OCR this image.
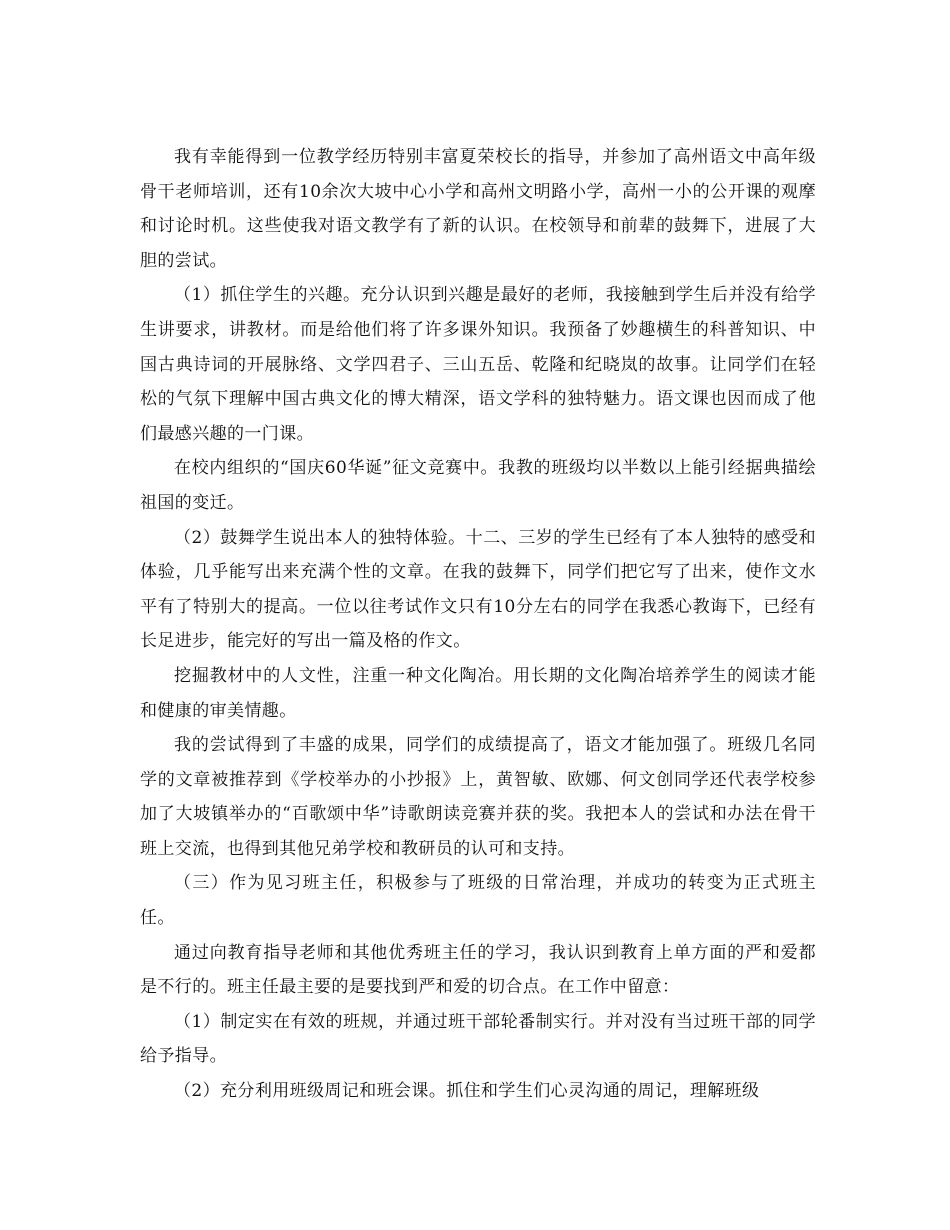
我有幸能得到一位教学经历特别丰富夏荣校长的指导，并参加了高州语文中高年级骨干老师培训，还有10余次大坡中心小学和高州文明路小学，高州一小的公开课的观摩和讨论时机。这些使我对语文教学有了新的认识。在校领导和前辈的鼓舞下，进展了大胆的尝试。

（1）抓住学生的兴趣。充分认识到兴趣是最好的老师，我接触到学生后并没有给学生讲要求，讲教材。而是给他们将了许多课外知识。我预备了妙趣横生的科普知识、中国古典诗词的开展脉络、文学四君子、三山五岳、乾隆和纪晓岚的故事。让同学们在轻松的气氛下理解中国古典文化的博大精深，语文学科的独特魅力。语文课也因而成了他们最感兴趣的一门课。

在校内组织的“国庆60华诞”征文竞赛中。我教的班级均以半数以上能引经据典描绘祖国的变迁。

（2）鼓舞学生说出本人的独特体验。十二、三岁的学生已经有了本人独特的感受和体验，几乎能写出来充满个性的文章。在我的鼓舞下，同学们把它写了出来，使作文水平有了特别大的提高。一位以往考试作文只有10分左右的同学在我悉心教诲下，已经有长足进步，能完好的写出一篇及格的作文。

挖掘教材中的人文性，注重一种文化陶冶。用长期的文化陶冶培养学生的阅读才能和健康的审美情趣。

我的尝试得到了丰盛的成果，同学们的成绩提高了，语文才能加强了。班级几名同学的文章被推荐到《学校举办的小抄报》上，黄智敏、欧娜、何文创同学还代表学校参加了大坡镇举办的“百歌颂中华”诗歌朗读竞赛并获的奖。我把本人的尝试和办法在骨干班上交流，也得到其他兄弟学校和教研员的认可和支持。

（三）作为见习班主任，积极参与了班级的日常治理，并成功的转变为正式班主任。

通过向教育指导老师和其他优秀班主任的学习，我认识到教育上单方面的严和爱都是不行的。班主任最主要的是要找到严和爱的切合点。在工作中留意：

（1）制定实在有效的班规，并通过班干部轮番制实行。并对没有当过班干部的同学给予指导。

（2）充分利用班级周记和班会课。抓住和学生们心灵沟通的周记，理解班级
